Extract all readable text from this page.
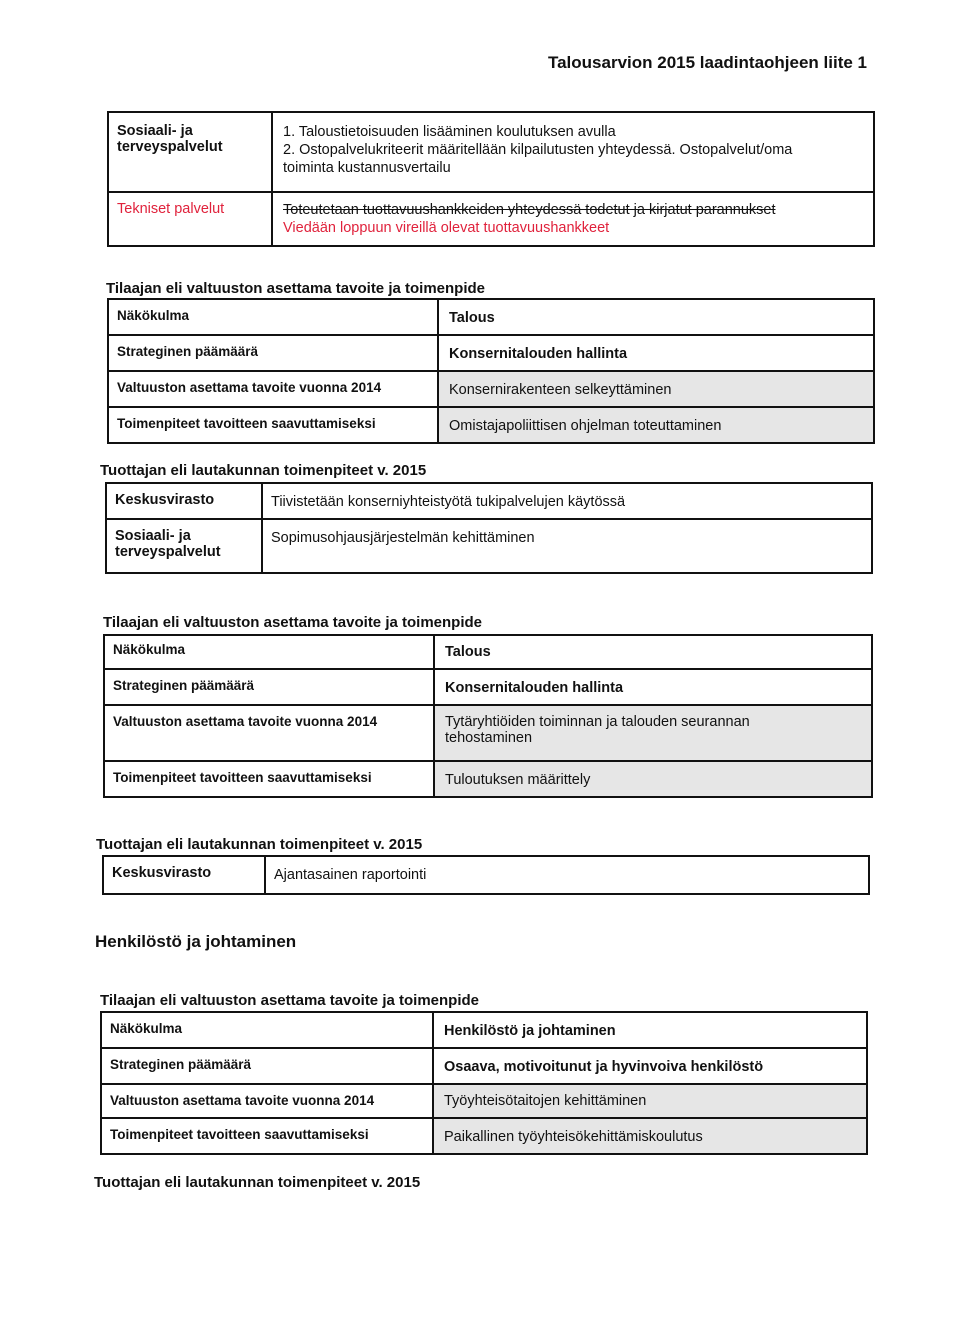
Talousarvion 2015 laadintaohjeen liite 1
Sosiaali- ja
terveyspalvelut	1. Taloustietoisuuden lisääminen koulutuksen avulla
2. Ostopalvelukriteerit määritellään kilpailutusten yhteydessä. Ostopalvelut/oma
toiminta kustannusvertailu

Tekniset palvelut	Toteutetaan tuottavuushankkeiden yhteydessä todetut ja kirjatut parannukset
Viedään loppuun vireillä olevat tuottavuushankkeet
Tilaajan eli valtuuston asettama tavoite ja toimenpide
Näkökulma	Talous
Strateginen päämäärä	Konsernitalouden hallinta
Valtuuston asettama tavoite vuonna 2014	Konsernirakenteen selkeyttäminen
Toimenpiteet tavoitteen saavuttamiseksi	Omistajapoliittisen ohjelman toteuttaminen
Tuottajan eli lautakunnan toimenpiteet v. 2015
Keskusvirasto	Tiivistetään konserniyhteistyötä tukipalvelujen käytössä
Sosiaali- ja
terveyspalvelut	Sopimusohjausjärjestelmän kehittäminen
Tilaajan eli valtuuston asettama tavoite ja toimenpide
Näkökulma	Talous
Strateginen päämäärä	Konsernitalouden hallinta
Valtuuston asettama tavoite vuonna 2014	Tytäryhtiöiden toiminnan ja talouden seurannan
tehostaminen
Toimenpiteet tavoitteen saavuttamiseksi	Tuloutuksen määrittely
Tuottajan eli lautakunnan toimenpiteet v. 2015
Keskusvirasto	Ajantasainen raportointi
Henkilöstö ja johtaminen
Tilaajan eli valtuuston asettama tavoite ja toimenpide
Näkökulma	Henkilöstö ja johtaminen
Strateginen päämäärä	Osaava, motivoitunut ja hyvinvoiva henkilöstö
Valtuuston asettama tavoite vuonna 2014	Työyhteisötaitojen kehittäminen
Toimenpiteet tavoitteen saavuttamiseksi	Paikallinen työyhteisökehittämiskoulutus
Tuottajan eli lautakunnan toimenpiteet v. 2015
